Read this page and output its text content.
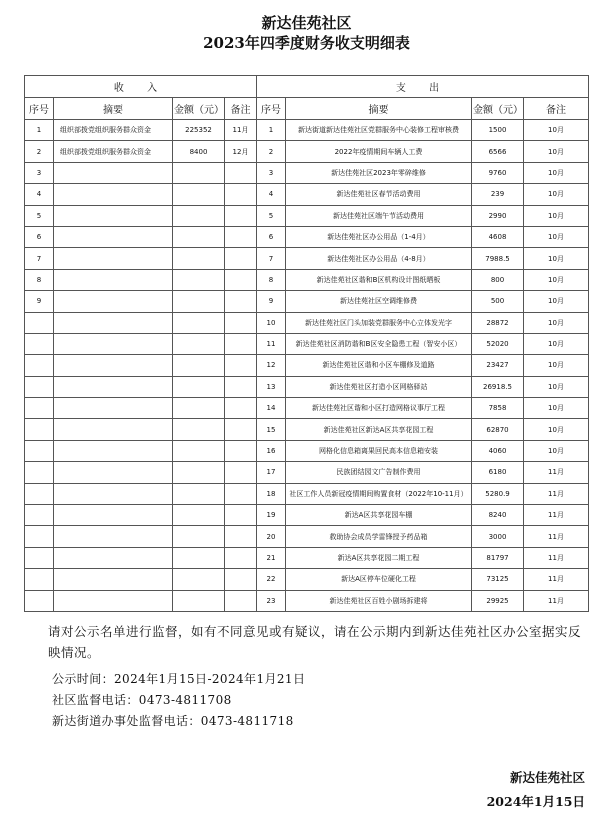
新达佳苑社区
2023年四季度财务收支明细表
收 入				支 出			
序号	摘要	金额（元）	备注	序号	摘要	金额（元）	备注
1	组织部拨党组织服务群众资金	225352	11月	1	新达街道新达佳苑社区党群服务中心装修工程审核费	1500	10月
2	组织部拨党组织服务群众资金	8400	12月	2	2022年疫情期间车辆人工费	6566	10月
3				3	新达佳苑社区2023年零碎维修	9760	10月
4				4	新达佳苑社区春节活动费用	239	10月
5				5	新达佳苑社区端午节活动费用	2990	10月
6				6	新达佳苑社区办公用品（1-4月）	4608	10月
7				7	新达佳苑社区办公用品（4-8月）	7988.5	10月
8				8	新达佳苑社区谐和B区机构设计图纸晒板	800	10月
9				9	新达佳苑社区空调维修费	500	10月
				10	新达佳苑社区门头加装党群服务中心立体发光字	28872	10月
				11	新达佳苑社区消防谐和B区安全隐患工程（智安小区）	52020	10月
				12	新达佳苑社区谐和小区车棚修及道路	23427	10月
				13	新达佳苑社区打造小区网格驿站	26918.5	10月
				14	新达佳苑社区谐和小区打造网格议事厅工程	7858	10月
				15	新达佳苑社区新达A区共享花园工程	62870	10月
				16	网格化信息箱离果回民高本信息箱安装	4060	10月
				17	民族团结园文广告制作费用	6180	11月
				18	社区工作人员新冠疫情期间购置食材（2022年10-11月）	5280.9	11月
				19	新达A区共享花园车棚	8240	11月
				20	救助协会成员学雷锋授予药品箱	3000	11月
				21	新达A区共享花园二期工程	81797	11月
				22	新达A区停车位硬化工程	73125	11月
				23	新达佳苑社区百姓小剧场拆建将	29925	11月
请对公示名单进行监督，如有不同意见或有疑议，请在公示期内到新达佳苑社区办公室据实反映情况。
公示时间：2024年1月15日-2024年1月21日
社区监督电话：0473-4811708
新达街道办事处监督电话：0473-4811718
新达佳苑社区
2024年1月15日
